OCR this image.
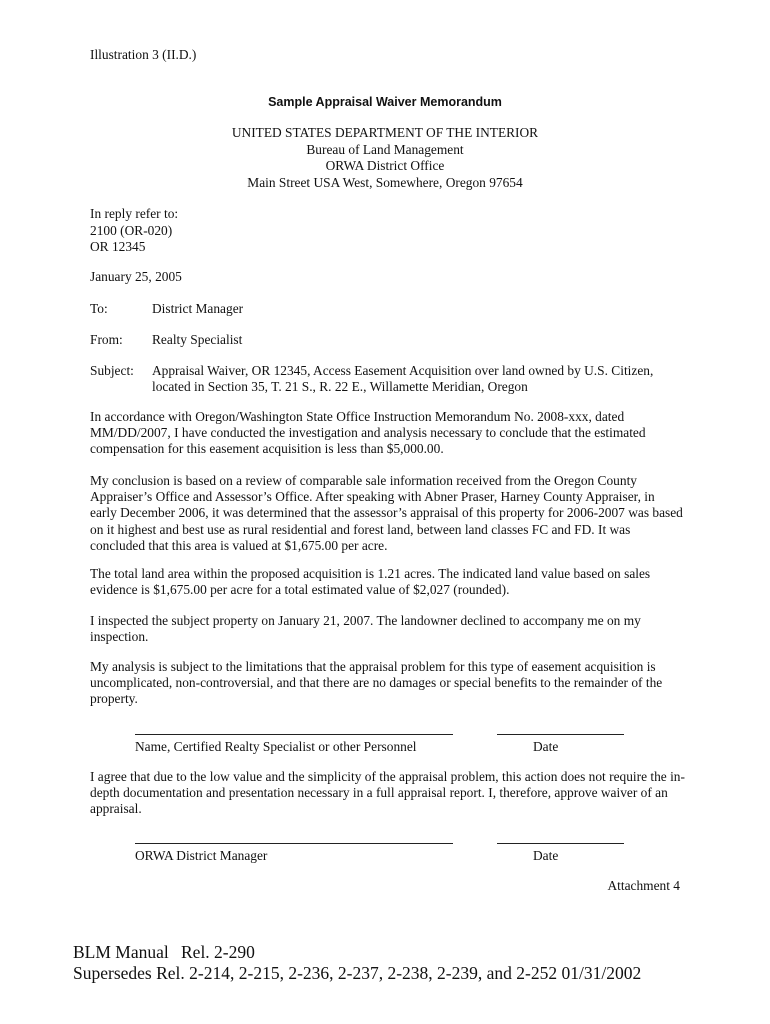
Illustration 3 (II.D.)
Sample Appraisal Waiver Memorandum
UNITED STATES DEPARTMENT OF THE INTERIOR
Bureau of Land Management
ORWA District Office
Main Street USA West, Somewhere, Oregon 97654
In reply refer to:
2100 (OR-020)
OR 12345
January 25, 2005
To:	District Manager
From: Realty Specialist
Subject: Appraisal Waiver, OR 12345, Access Easement Acquisition over land owned by U.S. Citizen,
located in Section 35, T. 21 S., R. 22 E., Willamette Meridian, Oregon
In accordance with Oregon/Washington State Office Instruction Memorandum No. 2008-xxx, dated
MM/DD/2007, I have conducted the investigation and analysis necessary to conclude that the estimated
compensation for this easement acquisition is less than $5,000.00.
My conclusion is based on a review of comparable sale information received from the Oregon County
Appraiser’s Office and Assessor’s Office. After speaking with Abner Praser, Harney County Appraiser, in
early December 2006, it was determined that the assessor’s appraisal of this property for 2006-2007 was based
on it highest and best use as rural residential and forest land, between land classes FC and FD. It was
concluded that this area is valued at $1,675.00 per acre.
The total land area within the proposed acquisition is 1.21 acres. The indicated land value based on sales
evidence is $1,675.00 per acre for a total estimated value of $2,027 (rounded).
I inspected the subject property on January 21, 2007. The landowner declined to accompany me on my
inspection.
My analysis is subject to the limitations that the appraisal problem for this type of easement acquisition is
uncomplicated, non-controversial, and that there are no damages or special benefits to the remainder of the
property.
Name, Certified Realty Specialist or other Personnel	Date
I agree that due to the low value and the simplicity of the appraisal problem, this action does not require the in-
depth documentation and presentation necessary in a full appraisal report. I, therefore, approve waiver of an
appraisal.
ORWA District Manager	Date
Attachment 4
BLM Manual Rel. 2-290
Supersedes Rel. 2-214, 2-215, 2-236, 2-237, 2-238, 2-239, and 2-252 01/31/2002
